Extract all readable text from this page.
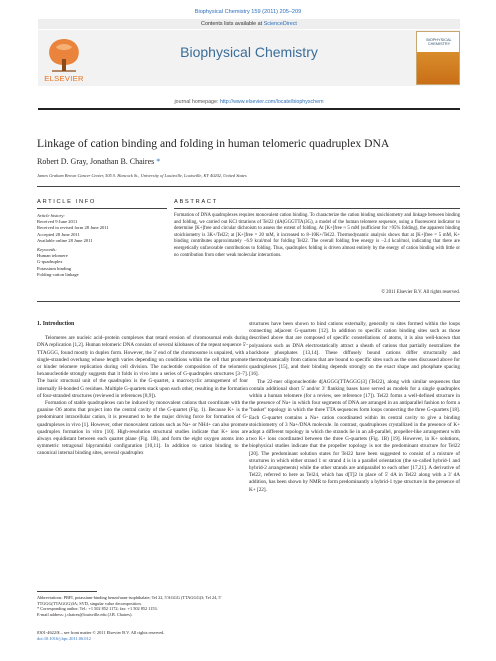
Biophysical Chemistry 159 (2011) 205–209
Contents lists available at ScienceDirect
ELSEVIER
Biophysical Chemistry
BIOPHYSICAL CHEMISTRY
journal homepage: http://www.elsevier.com/locate/biophyschem
Linkage of cation binding and folding in human telomeric quadruplex DNA
Robert D. Gray, Jonathan B. Chaires *
James Graham Brown Cancer Center, 505 S. Hancock St., University of Louisville, Louisville, KY 40202, United States
ARTICLE INFO	ABSTRACT
Article history:
Received 9 June 2011
Received in revised form 28 June 2011
Accepted 28 June 2011
Available online 28 June 2011
Keywords:
Human telomere
G-quadruplex
Potassium binding
Folding-cation linkage
Formation of DNA quadruplexes requires monovalent cation binding. To characterize the cation binding stoichiometry and linkage between binding and folding, we carried out KCl titrations of Tel22 (dA(GGGTTA)3G), a model of the human telomere sequence, using a fluorescent indicator to determine [K+]free and circular dichroism to assess the extent of folding. At [K+]free ≈ 5 mM (sufficient for >95% folding), the apparent binding stoichiometry is 3K+/Tel22; at [K+]free = 20 mM, it increased to 8–10K+/Tel22. Thermodynamic analysis shows that at [K+]free = 5 mM, K+ binding contributes approximately −6.9 kcal/mol for folding Tel22. The overall folding free energy is −2.4 kcal/mol, indicating that there are energetically unfavorable contributions to folding. Thus, quadruplex folding is driven almost entirely by the energy of cation binding with little or no contribution from other weak molecular interactions.
© 2011 Elsevier B.V. All rights reserved.
1. Introduction

Telomeres are nucleic acid–protein complexes that retard erosion of chromosomal ends during DNA replication [1,2]. Human telomeric DNA consists of several kilobases of the repeat sequence 5'-TTAGGG, found mostly in duplex form. However, the 3' end of the chromosome is unpaired, with a single-stranded overhang whose length varies depending on conditions within the cell that promote or hinder telomere replication during cell division. The nucleotide composition of the telomeric hexanucleotide strongly suggests that it folds in vivo into a series of G-quadruplex structures [3–7]. The basic structural unit of the quadruplex is the G-quartet, a macrocyclic arrangement of four internally H-bonded G residues. Multiple G-quartets stack upon each other, resulting in the formation of four-stranded structures (reviewed in references [8,9]).

Formation of stable quadruplexes can be induced by monovalent cations that coordinate with the guanine O6 atoms that project into the central cavity of the G-quartet (Fig. 1). Because K+ is the predominant intracellular cation, it is presumed to be the major driving force for formation of G-quadruplexes in vivo [1]. However, other monovalent cations such as Na+ or NH4+ can also promote quadruplex formation in vitro [10]. High-resolution structural studies indicate that K+ ions are always equidistant between each quartet plane (Fig. 1B), and form the eight oxygen atoms into a symmetric tetragonal bipyramidal configuration [10,11]. In addition to cation binding to the canonical internal binding sites, several quadruplex

structures have been shown to bind cations externally, generally to sites formed within the loops connecting adjacent G-quartets [12]. In addition to specific cation binding sites such as those described above that are composed of specific constellations of atoms, it is also well-known that polyanions such as DNA electrostatically attract a sheath of cations that partially neutralizes the backbone phosphates [13,14]. These diffusely bound cations differ structurally and thermodynamically from cations that are bound to specific sites such as the ones discussed above for quadruplexes [15], and their binding depends strongly on the exact shape and phosphate spacing [16].

The 22-mer oligonucleotide d[AGGG(TTAGGG)3] (Tel22), along with similar sequences that contain additional short 5' and/or 3' flanking bases have served as models for a single quadruplex within a human telomere (for a review, see reference [17]). Tel22 forms a well-defined structure in the presence of Na+ in which four segments of DNA are arranged in an antiparallel fashion to form a "basket" topology in which the three TTA sequences form loops connecting the three G-quartets [18]. Each G-quartet contains a Na+ cation coordinated within its central cavity to give a binding stoichiometry of 3 Na+/DNA molecule. In contrast, quadruplexes crystallized in the presence of K+ adopt a different topology in which the strands lie in an all-parallel, propeller-like arrangement with two K+ ions coordinated between the three G-quartets (Fig. 1B) [19]. However, in K+ solutions, biophysical studies indicate that the propeller topology is not the predominant structure for Tel22 [20]. The predominant solution states for Tel22 have been suggested to consist of a mixture of structures in which either strand 1 or strand 4 is in a parallel orientation (the so-called hybrid-1 and hybrid-2 arrangements) while the other strands are antiparallel to each other [17,21]. A derivative of Tel22, referred to here as Tel24, which has d[T]2 in place of 5' dA in Tel22 along with a 3' dA addition, has been shown by NMR to form predominantly a hybrid-1 type structure in the presence of K+ [22].

Abbreviations: PBFI, potassium-binding benzofuran-isophthalate; Tel 22, 5'AGGG (TTAGGG)3; Tel 24, 5' TTGGG(TTAGGG)3A; SVD, singular value decomposition.
* Corresponding author. Tel.: +1 502 852 1172; fax: +1 502 852 1153.
E-mail address: j.chaires@louisville.edu (J.B. Chaires).
0301-4622/$ – see front matter © 2011 Elsevier B.V. All rights reserved.
doi:10.1016/j.bpc.2011.06.012
